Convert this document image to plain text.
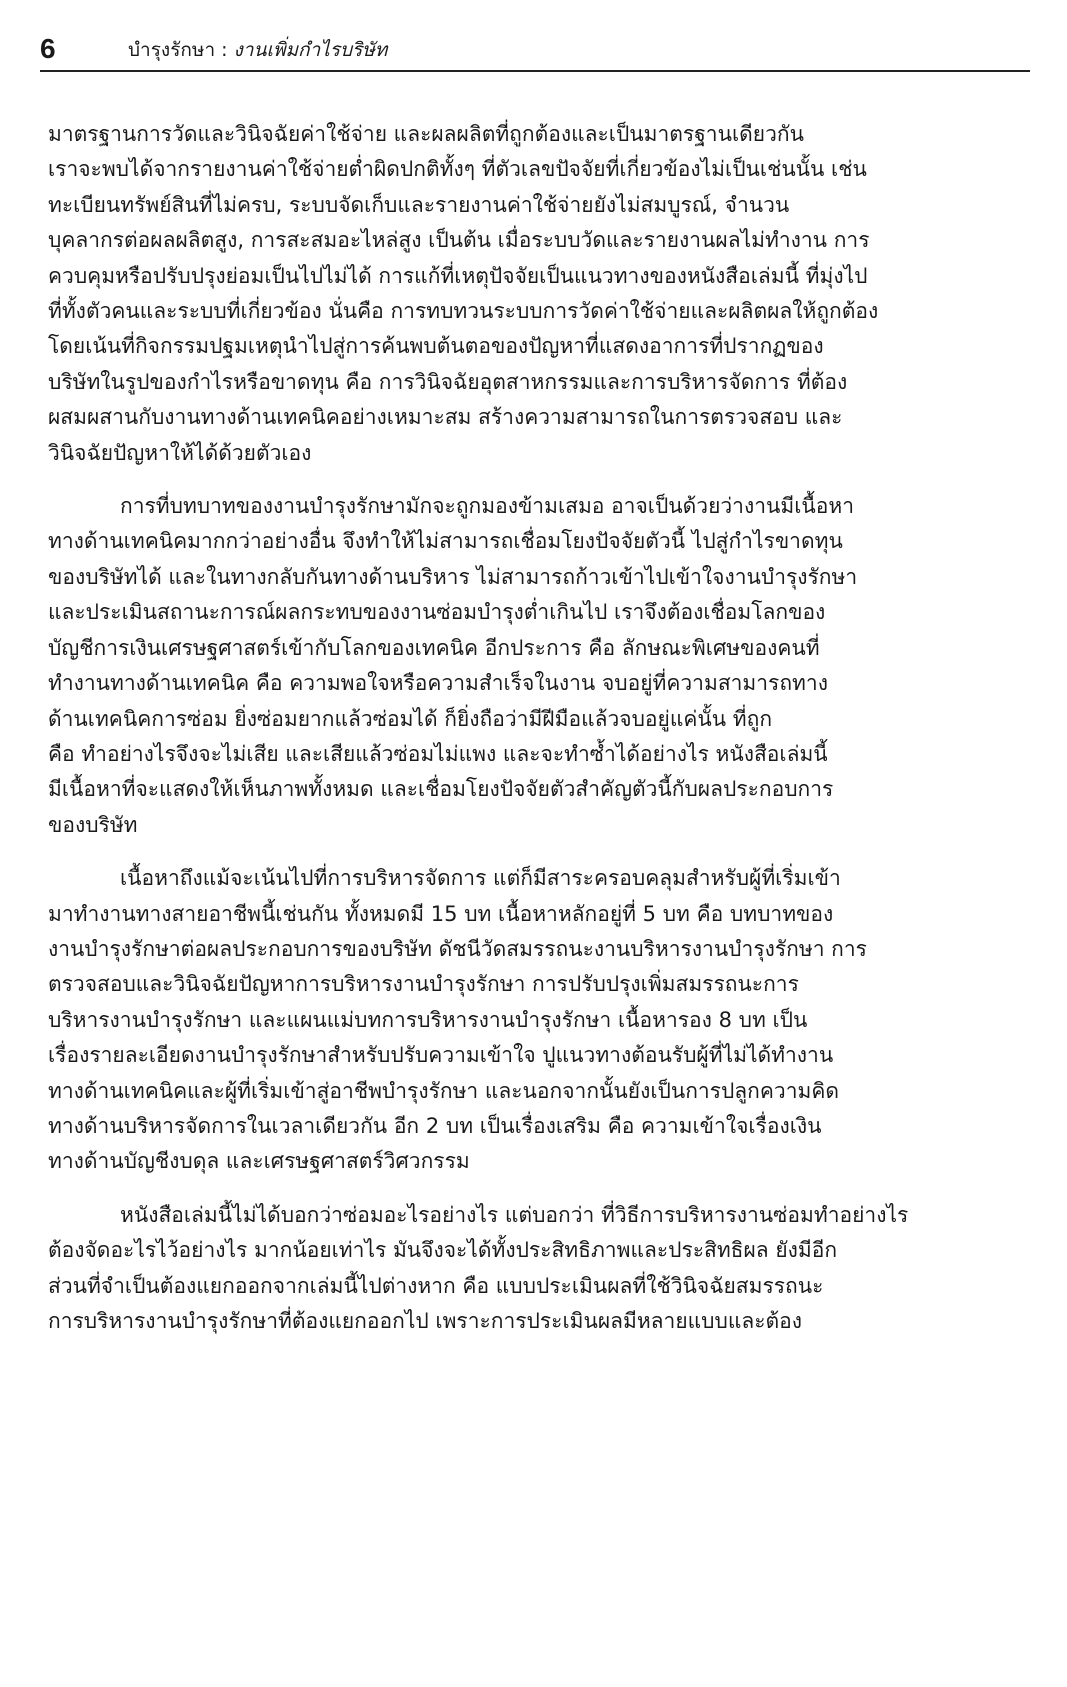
6	บำรุงรักษา : งานเพิ่มกำไรบริษัท
มาตรฐานการวัดและวินิจฉัยค่าใช้จ่าย และผลผลิตที่ถูกต้องและเป็นมาตรฐานเดียวกัน
เราจะพบได้จากรายงานค่าใช้จ่ายต่ำผิดปกติทั้งๆ ที่ตัวเลขปัจจัยที่เกี่ยวข้องไม่เป็นเช่นนั้น เช่น
ทะเบียนทรัพย์สินที่ไม่ครบ, ระบบจัดเก็บและรายงานค่าใช้จ่ายยังไม่สมบูรณ์, จำนวน
บุคลากรต่อผลผลิตสูง, การสะสมอะไหล่สูง เป็นต้น เมื่อระบบวัดและรายงานผลไม่ทำงาน การ
ควบคุมหรือปรับปรุงย่อมเป็นไปไม่ได้ การแก้ที่เหตุปัจจัยเป็นแนวทางของหนังสือเล่มนี้ ที่มุ่งไป
ที่ทั้งตัวคนและระบบที่เกี่ยวข้อง นั่นคือ การทบทวนระบบการวัดค่าใช้จ่ายและผลิตผลให้ถูกต้อง
โดยเน้นที่กิจกรรมปฐมเหตุนำไปสู่การค้นพบต้นตอของปัญหาที่แสดงอาการที่ปรากฏของ
บริษัทในรูปของกำไรหรือขาดทุน คือ การวินิจฉัยอุตสาหกรรมและการบริหารจัดการ ที่ต้อง
ผสมผสานกับงานทางด้านเทคนิคอย่างเหมาะสม สร้างความสามารถในการตรวจสอบ และ
วินิจฉัยปัญหาให้ได้ด้วยตัวเอง
การที่บทบาทของงานบำรุงรักษามักจะถูกมองข้ามเสมอ อาจเป็นด้วยว่างานมีเนื้อหา
ทางด้านเทคนิคมากกว่าอย่างอื่น จึงทำให้ไม่สามารถเชื่อมโยงปัจจัยตัวนี้ ไปสู่กำไรขาดทุน
ของบริษัทได้ และในทางกลับกันทางด้านบริหาร ไม่สามารถก้าวเข้าไปเข้าใจงานบำรุงรักษา
และประเมินสถานะการณ์ผลกระทบของงานซ่อมบำรุงต่ำเกินไป เราจึงต้องเชื่อมโลกของ
บัญชีการเงินเศรษฐศาสตร์เข้ากับโลกของเทคนิค อีกประการ คือ ลักษณะพิเศษของคนที่
ทำงานทางด้านเทคนิค คือ ความพอใจหรือความสำเร็จในงาน จบอยู่ที่ความสามารถทาง
ด้านเทคนิคการซ่อม ยิ่งซ่อมยากแล้วซ่อมได้ ก็ยิ่งถือว่ามีฝีมือแล้วจบอยู่แค่นั้น ที่ถูก
คือ ทำอย่างไรจึงจะไม่เสีย และเสียแล้วซ่อมไม่แพง และจะทำซ้ำได้อย่างไร หนังสือเล่มนี้
มีเนื้อหาที่จะแสดงให้เห็นภาพทั้งหมด และเชื่อมโยงปัจจัยตัวสำคัญตัวนี้กับผลประกอบการ
ของบริษัท
เนื้อหาถึงแม้จะเน้นไปที่การบริหารจัดการ แต่ก็มีสาระครอบคลุมสำหรับผู้ที่เริ่มเข้า
มาทำงานทางสายอาชีพนี้เช่นกัน ทั้งหมดมี 15 บท เนื้อหาหลักอยู่ที่ 5 บท คือ บทบาทของ
งานบำรุงรักษาต่อผลประกอบการของบริษัท ดัชนีวัดสมรรถนะงานบริหารงานบำรุงรักษา การ
ตรวจสอบและวินิจฉัยปัญหาการบริหารงานบำรุงรักษา การปรับปรุงเพิ่มสมรรถนะการ
บริหารงานบำรุงรักษา และแผนแม่บทการบริหารงานบำรุงรักษา เนื้อหารอง 8 บท เป็น
เรื่องรายละเอียดงานบำรุงรักษาสำหรับปรับความเข้าใจ ปูแนวทางต้อนรับผู้ที่ไม่ได้ทำงาน
ทางด้านเทคนิคและผู้ที่เริ่มเข้าสู่อาชีพบำรุงรักษา และนอกจากนั้นยังเป็นการปลูกความคิด
ทางด้านบริหารจัดการในเวลาเดียวกัน อีก 2 บท เป็นเรื่องเสริม คือ ความเข้าใจเรื่องเงิน
ทางด้านบัญชีงบดุล และเศรษฐศาสตร์วิศวกรรม
หนังสือเล่มนี้ไม่ได้บอกว่าซ่อมอะไรอย่างไร แต่บอกว่า ที่วิธีการบริหารงานซ่อมทำอย่างไร
ต้องจัดอะไรไว้อย่างไร มากน้อยเท่าไร มันจึงจะได้ทั้งประสิทธิภาพและประสิทธิผล ยังมีอีก
ส่วนที่จำเป็นต้องแยกออกจากเล่มนี้ไปต่างหาก คือ แบบประเมินผลที่ใช้วินิจฉัยสมรรถนะ
การบริหารงานบำรุงรักษาที่ต้องแยกออกไป เพราะการประเมินผลมีหลายแบบและต้อง
